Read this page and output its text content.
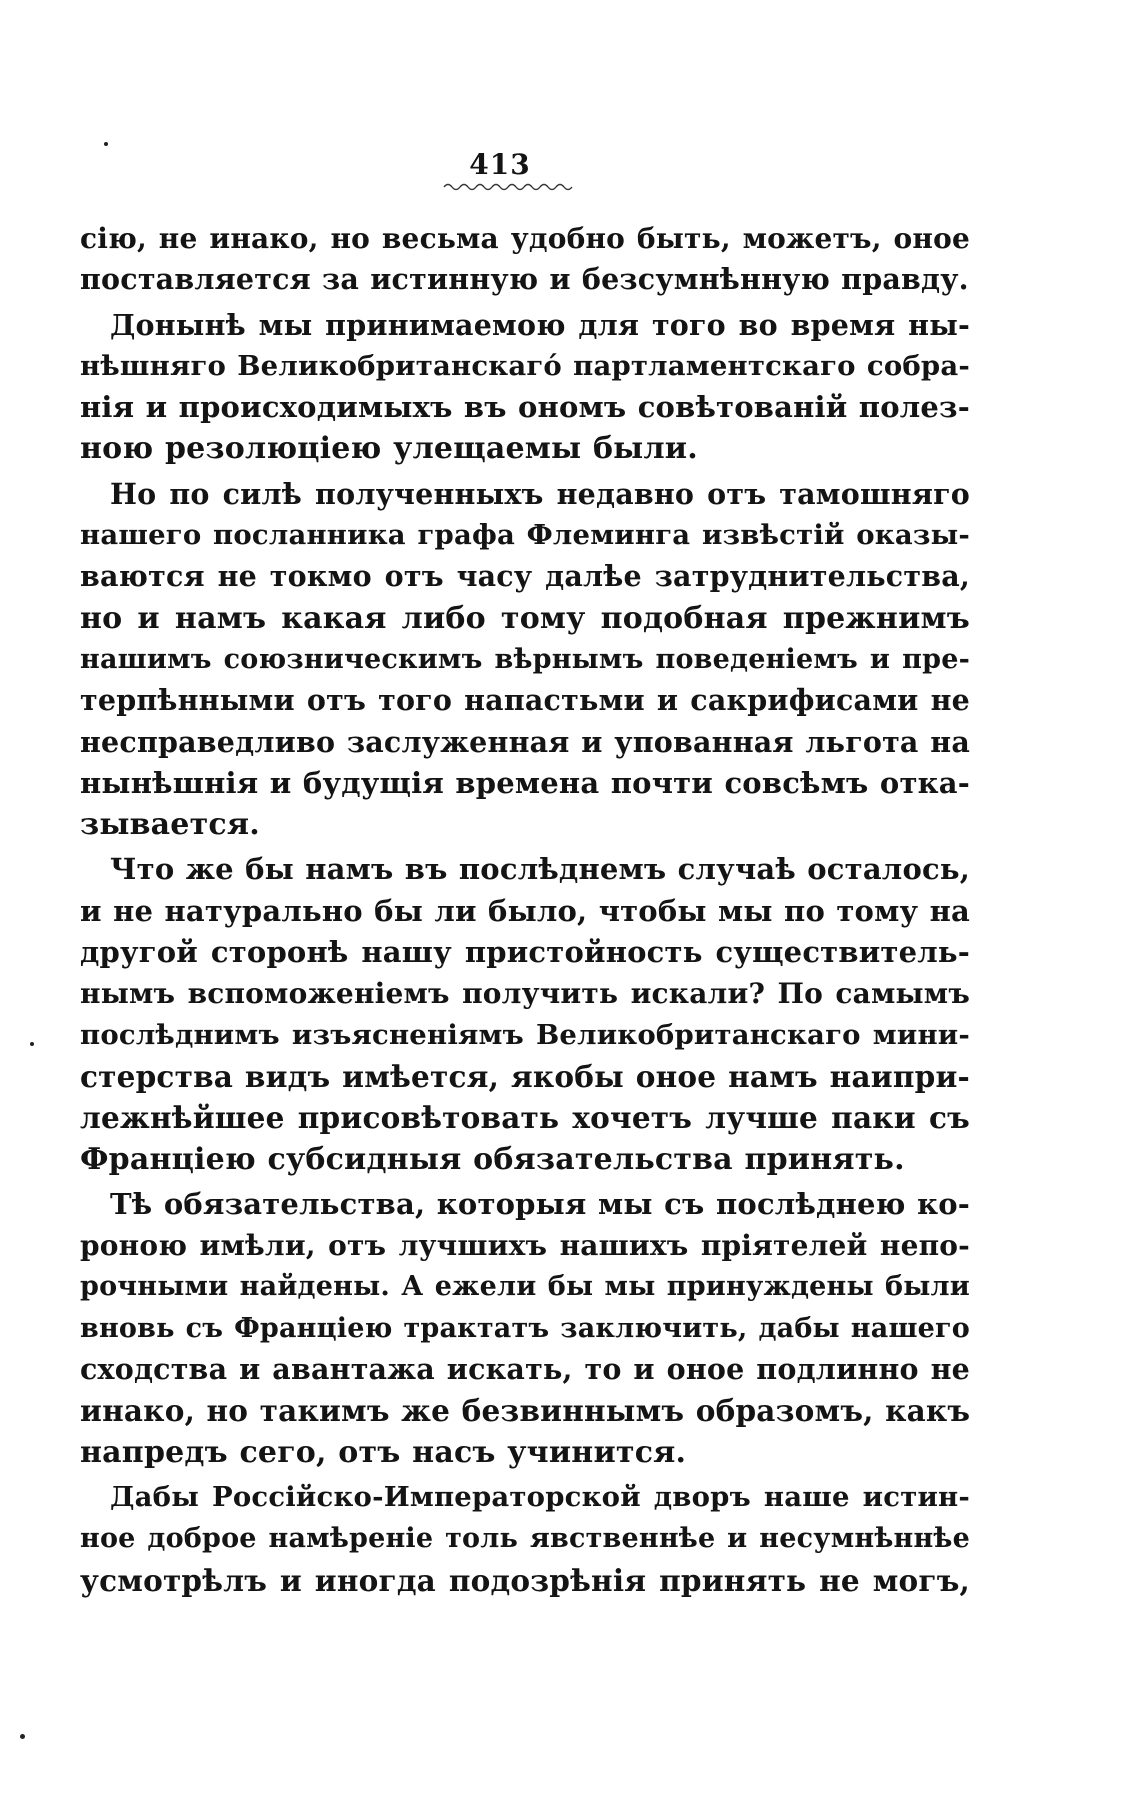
413
сію, не инако, но весьма удобно быть, можетъ, оное
поставляется за истинную и безсумнѣнную правду.
Донынѣ мы принимаемою для того во время ны-
нѣшняго Великобританскагό партламентскаго собра-
нія и происходимыхъ въ ономъ совѣтованій полез-
ною резолюціею улещаемы были.
Но по силѣ полученныхъ недавно отъ тамошняго
нашего посланника графа Флеминга извѣстій оказы-
ваются не токмо отъ часу далѣе затруднительства,
но и намъ какая либо тому подобная прежнимъ
нашимъ союзническимъ вѣрнымъ поведеніемъ и пре-
терпѣнными отъ того напастьми и сакрифисами не
несправедливо заслуженная и упованная льгота на
нынѣшнія и будущія времена почти совсѣмъ отка-
зывается.
Что же бы намъ въ послѣднемъ случаѣ осталось,
и не натурально бы ли было, чтобы мы по тому на
другой сторонѣ нашу пристойность существитель-
нымъ вспоможеніемъ получить искали? По самымъ
послѣднимъ изъясненіямъ Великобританскаго мини-
стерства видъ имѣется, якобы оное намъ наипри-
лежнѣйшее присовѣтовать хочетъ лучше паки съ
Франціею субсидныя обязательства принять.
Тѣ обязательства, которыя мы съ послѣднею ко-
роною имѣли, отъ лучшихъ нашихъ пріятелей непо-
рочными найдены. А ежели бы мы принуждены были
вновь съ Франціею трактатъ заключить, дабы нашего
сходства и авантажа искать, то и оное подлинно не
инако, но такимъ же безвиннымъ образомъ, какъ
напредъ сего, отъ насъ учинится.
Дабы Россійско-Императорской дворъ наше истин-
ное доброе намѣреніе толь явственнѣе и несумнѣннѣе
усмотрѣлъ и иногда подозрѣнія принять не могъ,
